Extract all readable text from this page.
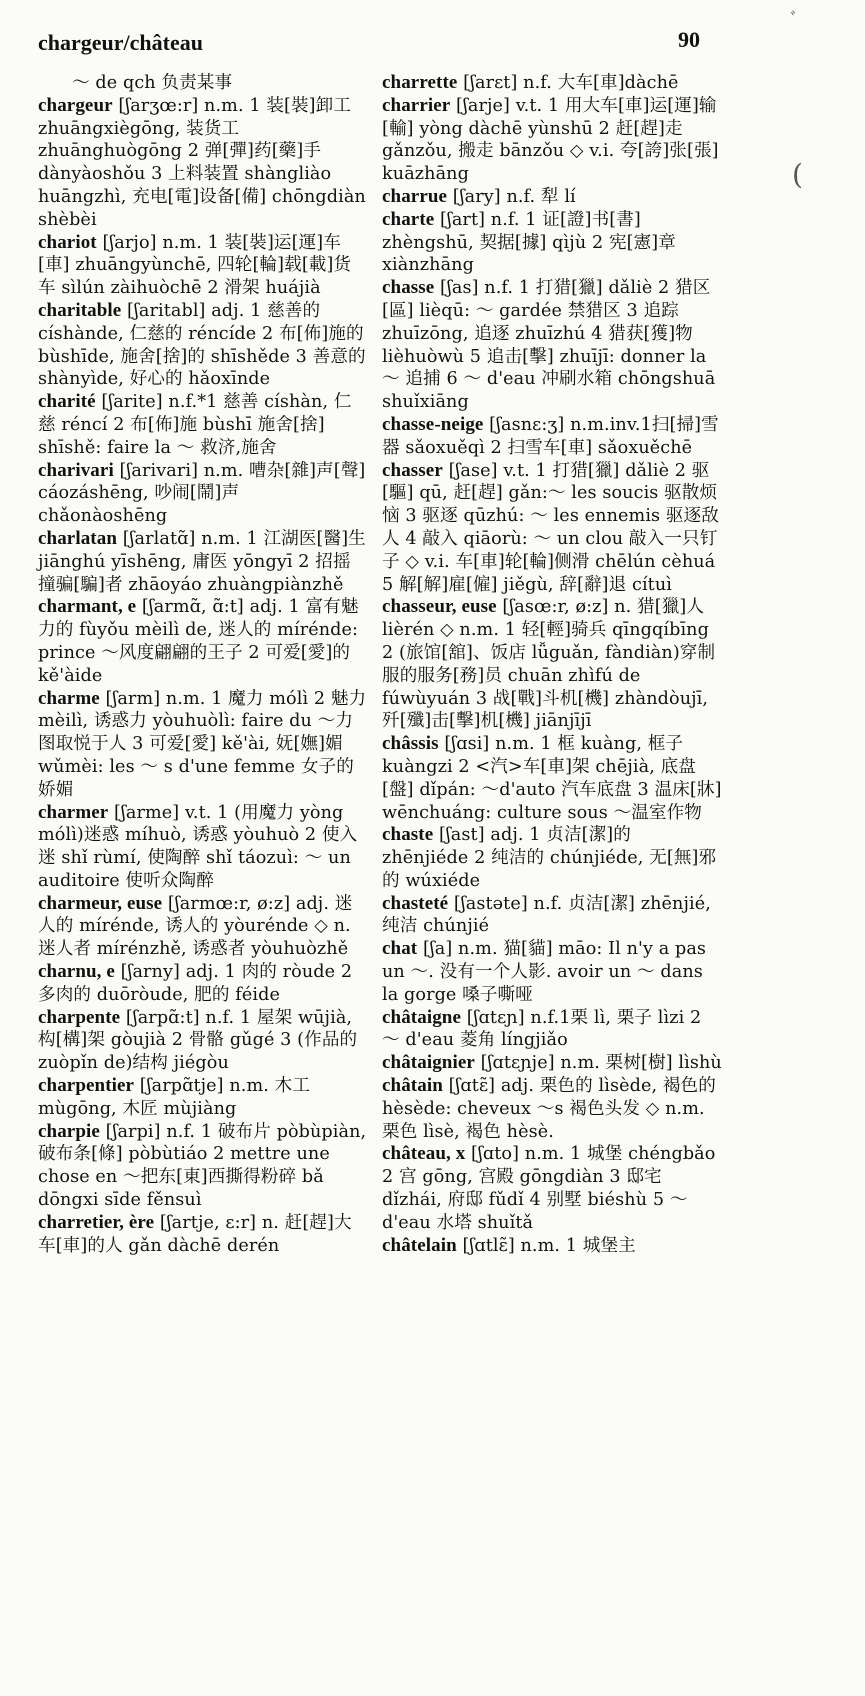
chargeur/château	90
ﾞ
(
～ de qch 负责某事
chargeur [ʃarʒœ:r] n.m. 1 装[裝]卸工 zhuāngxiègōng, 装货工 zhuānghuògōng 2 弹[彈]药[藥]手 dànyàoshǒu 3 上料装置 shàngliào huāngzhì, 充电[電]设备[備] chōngdiàn shèbèi
chariot [ʃarjo] n.m. 1 装[裝]运[運]车[車] zhuāngyùnchē, 四轮[輪]载[載]货车 sìlún zàihuòchē 2 滑架 huájià
charitable [ʃaritabl] adj. 1 慈善的 císhànde, 仁慈的 réncíde 2 布[佈]施的 bùshīde, 施舍[捨]的 shīshěde 3 善意的 shànyìde, 好心的 hǎoxīnde
charité [ʃarite] n.f.*1 慈善 císhàn, 仁慈 réncí 2 布[佈]施 bùshī 施舍[捨] shīshě: faire la ～ 救济,施舍
charivari [ʃarivari] n.m. 嘈杂[雜]声[聲] cáozáshēng, 吵闹[鬧]声 chǎonàoshēng
charlatan [ʃarlatɑ̃] n.m. 1 江湖医[醫]生 jiānghú yīshēng, 庸医 yōngyī 2 招摇撞骗[騙]者 zhāoyáo zhuàngpiànzhě
charmant, e [ʃarmɑ̃, ɑ̃:t] adj. 1 富有魅力的 fùyǒu mèilì de, 迷人的 mírénde: prince ～风度翩翩的王子 2 可爱[愛]的 kě'àide
charme [ʃarm] n.m. 1 魔力 mólì 2 魅力 mèilì, 诱惑力 yòuhuòlì: faire du ～力图取悦于人 3 可爱[愛] kě'ài, 妩[嫵]媚 wǔmèi: les ～ s d'une femme 女子的娇媚
charmer [ʃarme] v.t. 1 (用魔力 yòng mólì)迷惑 míhuò, 诱惑 yòuhuò 2 使入迷 shǐ rùmí, 使陶醉 shǐ táozuì: ～ un auditoire 使听众陶醉
charmeur, euse [ʃarmœ:r, ø:z] adj. 迷人的 mírénde, 诱人的 yòurénde ◇ n.迷人者 mírénzhě, 诱惑者 yòuhuòzhě
charnu, e [ʃarny] adj. 1 肉的 ròude 2 多肉的 duōròude, 肥的 féide
charpente [ʃarpɑ̃:t] n.f. 1 屋架 wūjià, 构[構]架 gòujià 2 骨骼 gǔgé 3 (作品的 zuòpǐn de)结构 jiégòu
charpentier [ʃarpɑ̃tje] n.m. 木工 mùgōng, 木匠 mùjiàng
charpie [ʃarpi] n.f. 1 破布片 pòbùpiàn, 破布条[條] pòbùtiáo 2 mettre une chose en ～把东[東]西撕得粉碎 bǎ dōngxi sīde fěnsuì
charretier, ère [ʃartje, ɛ:r] n. 赶[趕]大车[車]的人 gǎn dàchē derén
charrette [ʃarɛt] n.f. 大车[車]dàchē
charrier [ʃarje] v.t. 1 用大车[車]运[運]输[輸] yòng dàchē yùnshū 2 赶[趕]走 gǎnzǒu, 搬走 bānzǒu ◇ v.i. 夸[誇]张[張] kuāzhāng
charrue [ʃary] n.f. 犁 lí
charte [ʃart] n.f. 1 证[證]书[書] zhèngshū, 契据[據] qìjù 2 宪[憲]章 xiànzhāng
chasse [ʃas] n.f. 1 打猎[獵] dǎliè 2 猎区[區] lièqū: ～ gardée 禁猎区 3 追踪 zhuīzōng, 追逐 zhuīzhú 4 猎获[獲]物 lièhuòwù 5 追击[擊] zhuījī: donner la ～ 追捕 6 ～ d'eau 冲刷水箱 chōngshuā shuǐxiāng
chasse-neige [ʃasnɛ:ʒ] n.m.inv.1扫[掃]雪器 sǎoxuěqì 2 扫雪车[車] sǎoxuěchē
chasser [ʃase] v.t. 1 打猎[獵] dǎliè 2 驱[驅] qū, 赶[趕] gǎn:～ les soucis 驱散烦恼 3 驱逐 qūzhú: ～ les ennemis 驱逐敌人 4 敲入 qiāorù: ～ un clou 敲入一只钉子 ◇ v.i. 车[車]轮[輪]侧滑 chēlún cèhuá 5 解[解]雇[僱] jiěgù, 辞[辭]退 cítuì
chasseur, euse [ʃasœ:r, ø:z] n. 猎[獵]人 lièrén ◇ n.m. 1 轻[輕]骑兵 qīngqíbīng 2 (旅馆[舘]、饭店 lǚguǎn, fàndiàn)穿制服的服务[務]员 chuān zhìfú de fúwùyuán 3 战[戰]斗机[機] zhàndòujī, 歼[殲]击[擊]机[機] jiānjījī
châssis [ʃɑsi] n.m. 1 框 kuàng, 框子 kuàngzi 2 <汽>车[車]架 chējià, 底盘[盤] dǐpán: ～d'auto 汽车底盘 3 温床[牀] wēnchuáng: culture sous ～温室作物
chaste [ʃast] adj. 1 贞洁[潔]的 zhēnjiéde 2 纯洁的 chúnjiéde, 无[無]邪的 wúxiéde
chasteté [ʃastəte] n.f. 贞洁[潔] zhēnjié, 纯洁 chúnjié
chat [ʃa] n.m. 猫[貓] māo: Il n'y a pas un ～. 没有一个人影. avoir un ～ dans la gorge 嗓子嘶哑
châtaigne [ʃɑtɛɲ] n.f.1栗 lì, 栗子 lìzi 2 ～ d'eau 菱角 língjiǎo
châtaignier [ʃɑtɛɲje] n.m. 栗树[樹] lìshù
châtain [ʃɑtɛ̃] adj. 栗色的 lìsède, 褐色的 hèsède: cheveux ～s 褐色头发 ◇ n.m. 栗色 lìsè, 褐色 hèsè.
château, x [ʃɑto] n.m. 1 城堡 chéngbǎo 2 宫 gōng, 宫殿 gōngdiàn 3 邸宅 dǐzhái, 府邸 fǔdǐ 4 别墅 biéshù 5 ～ d'eau 水塔 shuǐtǎ
châtelain [ʃɑtlɛ̃] n.m. 1 城堡主
